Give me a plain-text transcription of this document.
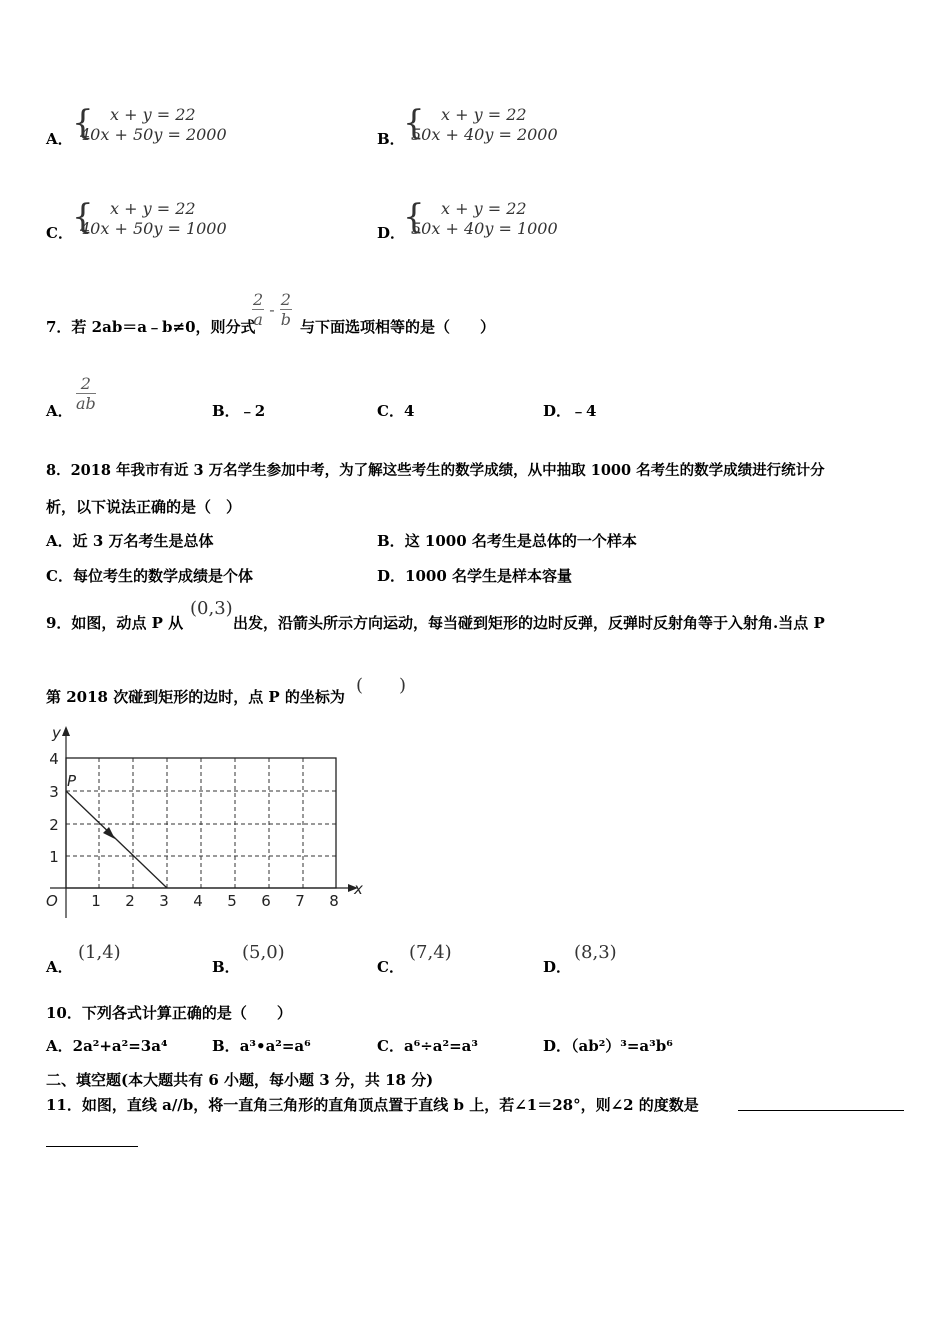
A． { x + y = 22
40x + 50y = 2000	B．
{ x + y = 22
50x + 40y = 2000
C． { x + y = 22
40x + 50y = 1000	D．
{ x + y = 22
50x + 40y = 1000
7．若 2ab＝a﹣b≠0，则分式
$\frac{2}{a} - \frac{2}{b}$ 与下面选项相等的是（　　）
A． $\frac{2}{ab}$	B．﹣2	C．4	D．﹣4
8．2018 年我市有近 3 万名学生参加中考，为了解这些考生的数学成绩，从中抽取 1000 名考生的数学成绩进行统计分
析，以下说法正确的是（　）
A．近 3 万名考生是总体	B．这 1000 名考生是总体的一个样本
C．每位考生的数学成绩是个体	D．1000 名学生是样本容量
9．如图，动点 P 从
(0,3)
出发，沿箭头所示方向运动，每当碰到矩形的边时反弹，反弹时反射角等于入射角.当点 P
第 2018 次碰到矩形的边时，点 P 的坐标为
(　　)
y
x
O
P
1 2 3 4 5 6 7 8
1
2
3
4
A．
(1,4)
B．
(5,0)
C．
(7,4)
D．
(8,3)
10．下列各式计算正确的是（　　）
A．2a²+a²=3a⁴	B．a³•a²=a⁶	C．a⁶÷a²=a³	D．（ab²）³=a³b⁶
二、填空题(本大题共有 6 小题，每小题 3 分，共 18 分)
11．如图，直线 a//b，将一直角三角形的直角顶点置于直线 b 上，若∠1＝28°，则∠2 的度数是
